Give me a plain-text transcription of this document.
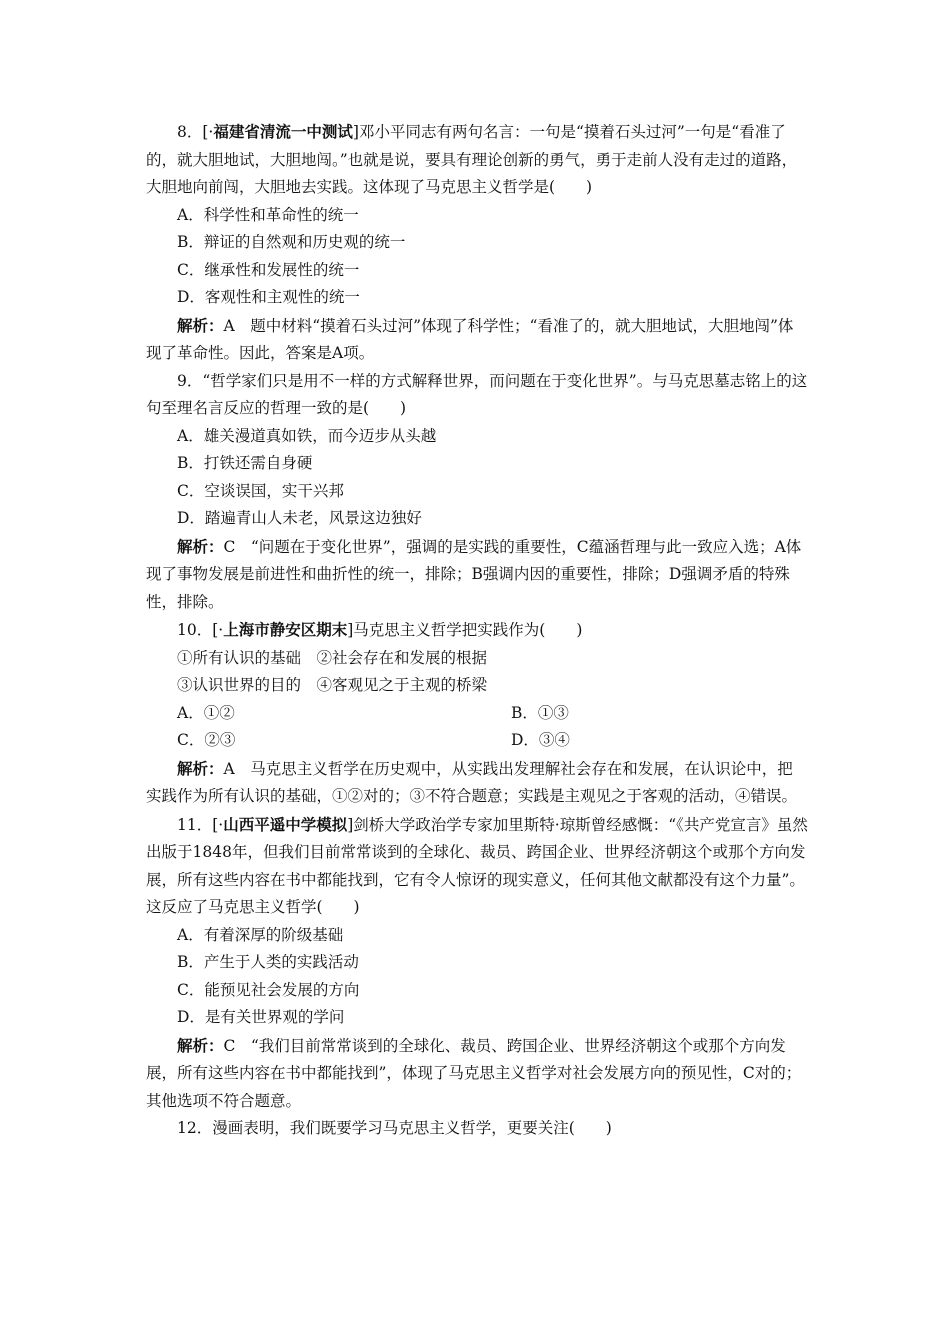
8．[·福建省清流一中测试]邓小平同志有两句名言：一句是“摸着石头过河”一句是“看准了的，就大胆地试，大胆地闯。”也就是说，要具有理论创新的勇气，勇于走前人没有走过的道路，大胆地向前闯，大胆地去实践。这体现了马克思主义哲学是(　　)

A．科学性和革命性的统一

B．辩证的自然观和历史观的统一

C．继承性和发展性的统一

D．客观性和主观性的统一

解析：A　题中材料“摸着石头过河”体现了科学性；“看准了的，就大胆地试，大胆地闯”体现了革命性。因此，答案是A项。

9．“哲学家们只是用不一样的方式解释世界，而问题在于变化世界”。与马克思墓志铭上的这句至理名言反应的哲理一致的是(　　)

A．雄关漫道真如铁，而今迈步从头越

B．打铁还需自身硬

C．空谈误国，实干兴邦

D．踏遍青山人未老，风景这边独好

解析：C　“问题在于变化世界”，强调的是实践的重要性，C蕴涵哲理与此一致应入选；A体现了事物发展是前进性和曲折性的统一，排除；B强调内因的重要性，排除；D强调矛盾的特殊性，排除。

10．[·上海市静安区期末]马克思主义哲学把实践作为(　　)

①所有认识的基础　②社会存在和发展的根据

③认识世界的目的　④客观见之于主观的桥梁

A．①②	B．①③
C．②③	D．③④

解析：A　马克思主义哲学在历史观中，从实践出发理解社会存在和发展，在认识论中，把实践作为所有认识的基础，①②对的；③不符合题意；实践是主观见之于客观的活动，④错误。

11．[·山西平遥中学模拟]剑桥大学政治学专家加里斯特·琼斯曾经感慨：“《共产党宣言》虽然出版于1848年，但我们目前常常谈到的全球化、裁员、跨国企业、世界经济朝这个或那个方向发展，所有这些内容在书中都能找到，它有令人惊讶的现实意义，任何其他文献都没有这个力量”。这反应了马克思主义哲学(　　)

A．有着深厚的阶级基础

B．产生于人类的实践活动

C．能预见社会发展的方向

D．是有关世界观的学问

解析：C　“我们目前常常谈到的全球化、裁员、跨国企业、世界经济朝这个或那个方向发展，所有这些内容在书中都能找到”，体现了马克思主义哲学对社会发展方向的预见性，C对的；其他选项不符合题意。

12．漫画表明，我们既要学习马克思主义哲学，更要关注(　　)
